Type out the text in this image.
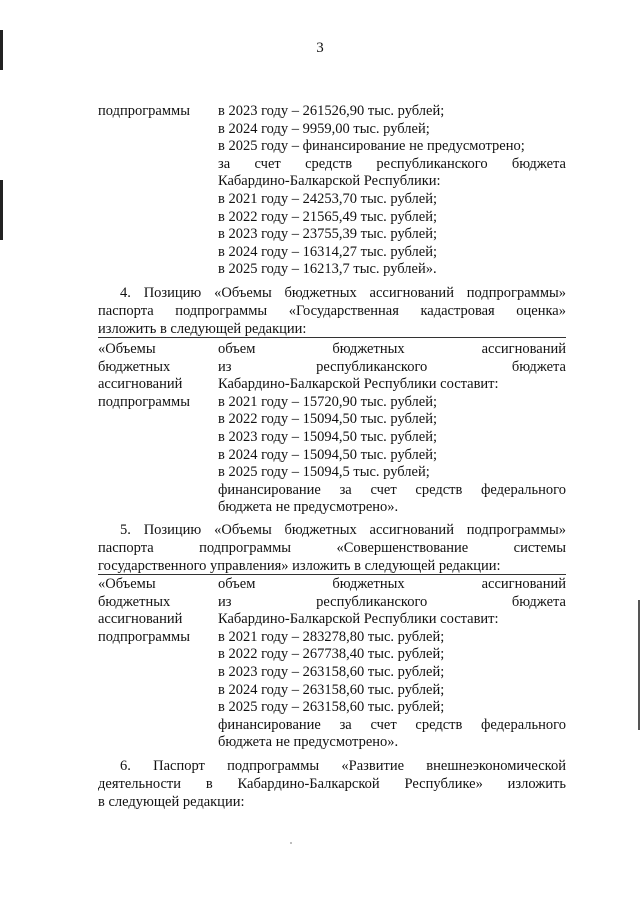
3
подпрограммы	в 2023 году – 261526,90 тыс. рублей;
в 2024 году – 9959,00 тыс. рублей;
в 2025 году – финансирование не предусмотрено;
за счет средств республиканского бюджета
Кабардино-Балкарской Республики:
в 2021 году – 24253,70 тыс. рублей;
в 2022 году – 21565,49 тыс. рублей;
в 2023 году – 23755,39 тыс. рублей;
в 2024 году – 16314,27 тыс. рублей;
в 2025 году – 16213,7 тыс. рублей».
4. Позицию «Объемы бюджетных ассигнований подпрограммы»
паспорта подпрограммы «Государственная кадастровая оценка»
изложить в следующей редакции:
«Объемы
бюджетных
ассигнований
подпрограммы
объем бюджетных ассигнований
из республиканского бюджета
Кабардино-Балкарской Республики составит:
в 2021 году – 15720,90 тыс. рублей;
в 2022 году – 15094,50 тыс. рублей;
в 2023 году – 15094,50 тыс. рублей;
в 2024 году – 15094,50 тыс. рублей;
в 2025 году – 15094,5 тыс. рублей;
финансирование за счет средств федерального
бюджета не предусмотрено».
5. Позицию «Объемы бюджетных ассигнований подпрограммы»
паспорта подпрограммы «Совершенствование системы
государственного управления» изложить в следующей редакции:
«Объемы
бюджетных
ассигнований
подпрограммы
объем бюджетных ассигнований
из республиканского бюджета
Кабардино-Балкарской Республики составит:
в 2021 году – 283278,80 тыс. рублей;
в 2022 году – 267738,40 тыс. рублей;
в 2023 году – 263158,60 тыс. рублей;
в 2024 году – 263158,60 тыс. рублей;
в 2025 году – 263158,60 тыс. рублей;
финансирование за счет средств федерального
бюджета не предусмотрено».
6. Паспорт подпрограммы «Развитие внешнеэкономической
деятельности в Кабардино-Балкарской Республике» изложить
в следующей редакции:
